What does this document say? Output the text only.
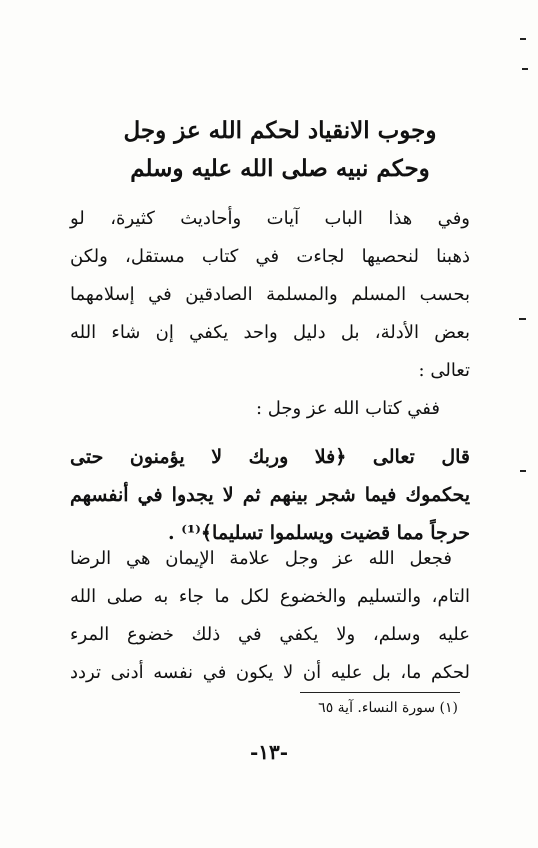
وجوب الانقياد لحكم الله عز وجل
وحكم نبيه صلى الله عليه وسلم
وفي هذا الباب آيات وأحاديث كثيرة، لو
ذهبنا لنحصيها لجاءت في كتاب مستقل، ولكن
بحسب المسلم والمسلمة الصادقين في إسلامهما
بعض الأدلة، بل دليل واحد يكفي إن شاء الله
تعالى :
ففي كتاب الله عز وجل :
قال تعالى ﴿فلا وربك لا يؤمنون حتى
يحكموك فيما شجر بينهم ثم لا يجدوا في أنفسهم
حرجاً مما قضيت ويسلموا تسليما﴾⁽¹⁾ .
فجعل الله عز وجل علامة الإيمان هي الرضا
التام، والتسليم والخضوع لكل ما جاء به صلى الله
عليه وسلم، ولا يكفي في ذلك خضوع المرء
لحكم ما، بل عليه أن لا يكون في نفسه أدنى تردد
(١) سورة النساء. آية ٦٥
-١٣-
